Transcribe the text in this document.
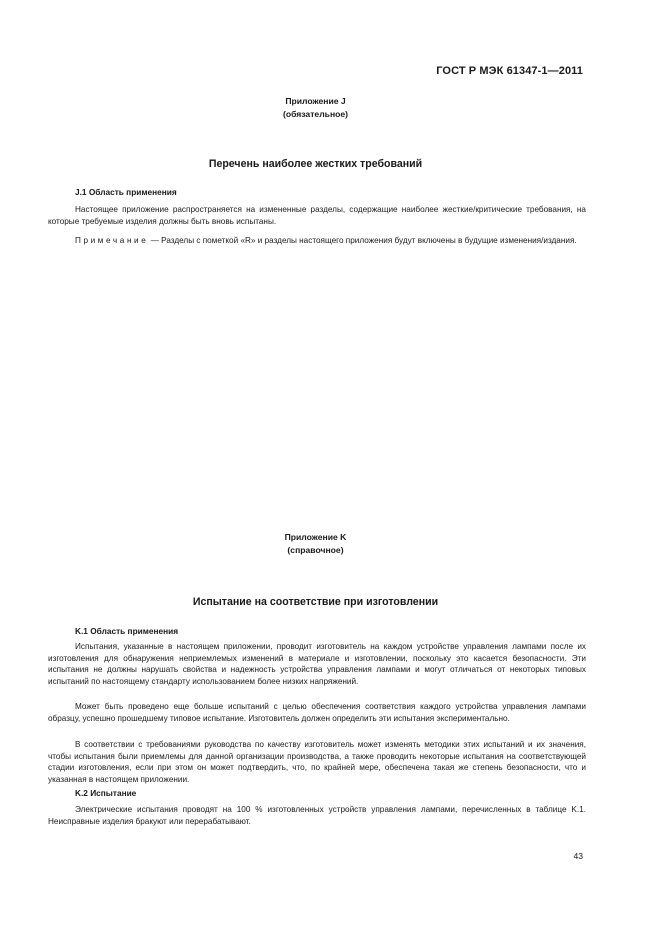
ГОСТ Р МЭК 61347-1—2011
Приложение J
(обязательное)
Перечень наиболее жестких требований
J.1 Область применения
Настоящее приложение распространяется на измененные разделы, содержащие наиболее жесткие/критические требования, на которые требуемые изделия должны быть вновь испытаны.
Примечание — Разделы с пометкой «R» и разделы настоящего приложения будут включены в будущие изменения/издания.
Приложение K
(справочное)
Испытание на соответствие при изготовлении
K.1 Область применения
Испытания, указанные в настоящем приложении, проводит изготовитель на каждом устройстве управления лампами после их изготовления для обнаружения неприемлемых изменений в материале и изготовлении, поскольку это касается безопасности. Эти испытания не должны нарушать свойства и надежность устройства управления лампами и могут отличаться от некоторых типовых испытаний по настоящему стандарту использованием более низких напряжений.
Может быть проведено еще больше испытаний с целью обеспечения соответствия каждого устройства управления лампами образцу, успешно прошедшему типовое испытание. Изготовитель должен определить эти испытания экспериментально.
В соответствии с требованиями руководства по качеству изготовитель может изменять методики этих испытаний и их значения, чтобы испытания были приемлемы для данной организации производства, а также проводить некоторые испытания на соответствующей стадии изготовления, если при этом он может подтвердить, что, по крайней мере, обеспечена такая же степень безопасности, что и указанная в настоящем приложении.
K.2 Испытание
Электрические испытания проводят на 100 % изготовленных устройств управления лампами, перечисленных в таблице K.1. Неисправные изделия бракуют или перерабатывают.
43
